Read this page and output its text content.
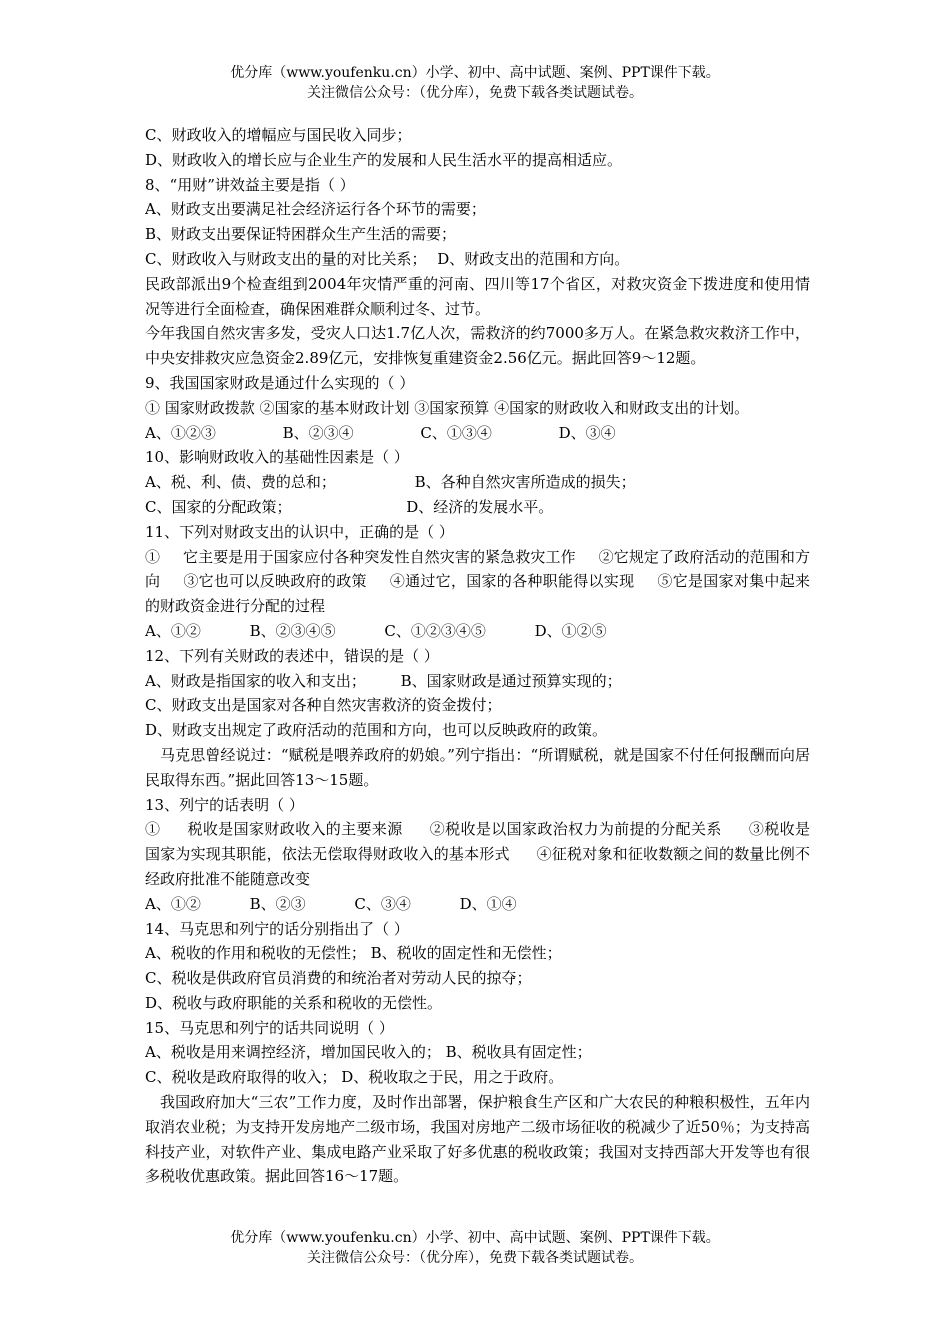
优分库（www.youfenku.cn）小学、初中、高中试题、案例、PPT课件下载。
关注微信公众号：（优分库），免费下载各类试题试卷。

C、财政收入的增幅应与国民收入同步；

D、财政收入的增长应与企业生产的发展和人民生活水平的提高相适应。

8、“用财”讲效益主要是指（ ）

A、财政支出要满足社会经济运行各个环节的需要；

B、财政支出要保证特困群众生产生活的需要；

C、财政收入与财政支出的量的对比关系； D、财政支出的范围和方向。

民政部派出9个检查组到2004年灾情严重的河南、四川等17个省区，对救灾资金下拨进度和使用情况等进行全面检查，确保困难群众顺利过冬、过节。

今年我国自然灾害多发，受灾人口达1.7亿人次，需救济的约7000多万人。在紧急救灾救济工作中，中央安排救灾应急资金2.89亿元，安排恢复重建资金2.56亿元。据此回答9～12题。

9、我国国家财政是通过什么实现的（ ）

① 国家财政拨款 ②国家的基本财政计划 ③国家预算 ④国家的财政收入和财政支出的计划。

A、①②③ B、②③④ C、①③④ D、③④

10、影响财政收入的基础性因素是（ ）

A、税、利、债、费的总和； B、各种自然灾害所造成的损失；

C、国家的分配政策； D、经济的发展水平。

11、下列对财政支出的认识中，正确的是（ ）

① 它主要是用于国家应付各种突发性自然灾害的紧急救灾工作 ②它规定了政府活动的范围和方向 ③它也可以反映政府的政策 ④通过它，国家的各种职能得以实现 ⑤它是国家对集中起来的财政资金进行分配的过程

A、①② B、②③④⑤ C、①②③④⑤ D、①②⑤

12、下列有关财政的表述中，错误的是（ ）

A、财政是指国家的收入和支出； B、国家财政是通过预算实现的；

C、财政支出是国家对各种自然灾害救济的资金拨付；

D、财政支出规定了政府活动的范围和方向，也可以反映政府的政策。

马克思曾经说过：“赋税是喂养政府的奶娘。”列宁指出：“所谓赋税，就是国家不付任何报酬而向居民取得东西。”据此回答13～15题。

13、列宁的话表明（ ）

① 税收是国家财政收入的主要来源 ②税收是以国家政治权力为前提的分配关系 ③税收是国家为实现其职能，依法无偿取得财政收入的基本形式 ④征税对象和征收数额之间的数量比例不经政府批准不能随意改变

A、①② B、②③ C、③④ D、①④

14、马克思和列宁的话分别指出了（ ）

A、税收的作用和税收的无偿性； B、税收的固定性和无偿性；

C、税收是供政府官员消费的和统治者对劳动人民的掠夺；

D、税收与政府职能的关系和税收的无偿性。

15、马克思和列宁的话共同说明（ ）

A、税收是用来调控经济，增加国民收入的； B、税收具有固定性；

C、税收是政府取得的收入； D、税收取之于民，用之于政府。

我国政府加大“三农”工作力度，及时作出部署，保护粮食生产区和广大农民的种粮积极性，五年内取消农业税；为支持开发房地产二级市场，我国对房地产二级市场征收的税减少了近50％；为支持高科技产业，对软件产业、集成电路产业采取了好多优惠的税收政策；我国对支持西部大开发等也有很多税收优惠政策。据此回答16～17题。

优分库（www.youfenku.cn）小学、初中、高中试题、案例、PPT课件下载。
关注微信公众号：（优分库），免费下载各类试题试卷。
